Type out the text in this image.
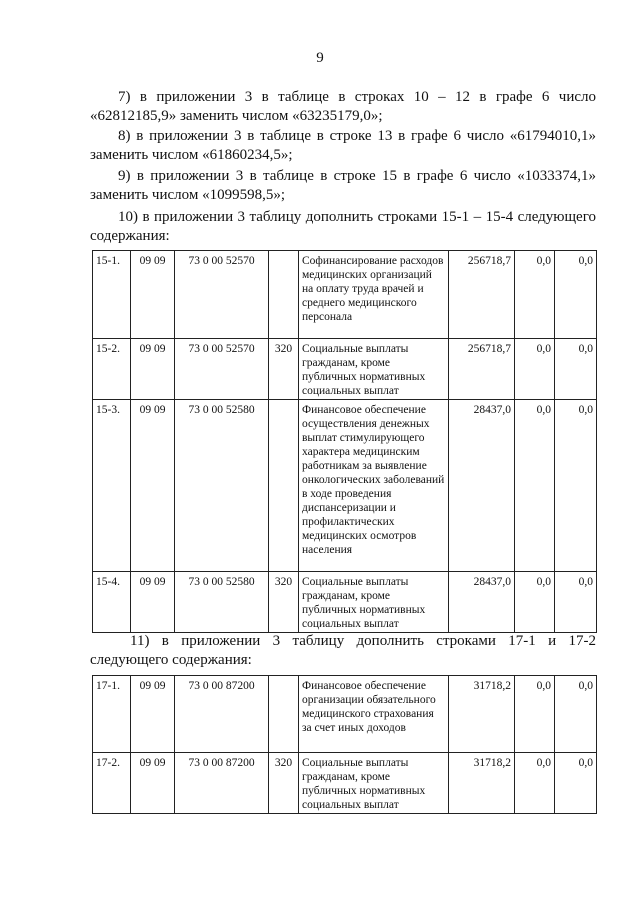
9

7) в приложении 3 в таблице в строках 10 – 12 в графе 6 число «62812185,9» заменить числом «63235179,0»;

8) в приложении 3 в таблице в строке 13 в графе 6 число «61794010,1» заменить числом «61860234,5»;

9) в приложении 3 в таблице в строке 15 в графе 6 число «1033374,1» заменить числом «1099598,5»;

10) в приложении 3 таблицу дополнить строками 15-1 – 15-4 следующего содержания:

15-1.	09 09	73 0 00 52570		Софинансирование расходов медицинских организаций на оплату труда врачей и среднего медицинского персонала	256718,7	0,0	0,0
15-2.	09 09	73 0 00 52570	320	Социальные выплаты гражданам, кроме публичных нормативных социальных выплат	256718,7	0,0	0,0
15-3.	09 09	73 0 00 52580		Финансовое обеспечение осуществления денежных выплат стимулирующего характера медицинским работникам за выявление онкологических заболеваний в ходе проведения диспансеризации и профилактических медицинских осмотров населения	28437,0	0,0	0,0
15-4.	09 09	73 0 00 52580	320	Социальные выплаты гражданам, кроме публичных нормативных социальных выплат	28437,0	0,0	0,0

11) в приложении 3 таблицу дополнить строками 17-1 и 17-2 следующего содержания:

17-1.	09 09	73 0 00 87200		Финансовое обеспечение организации обязательного медицинского страхования за счет иных доходов	31718,2	0,0	0,0
17-2.	09 09	73 0 00 87200	320	Социальные выплаты гражданам, кроме публичных нормативных социальных выплат	31718,2	0,0	0,0
